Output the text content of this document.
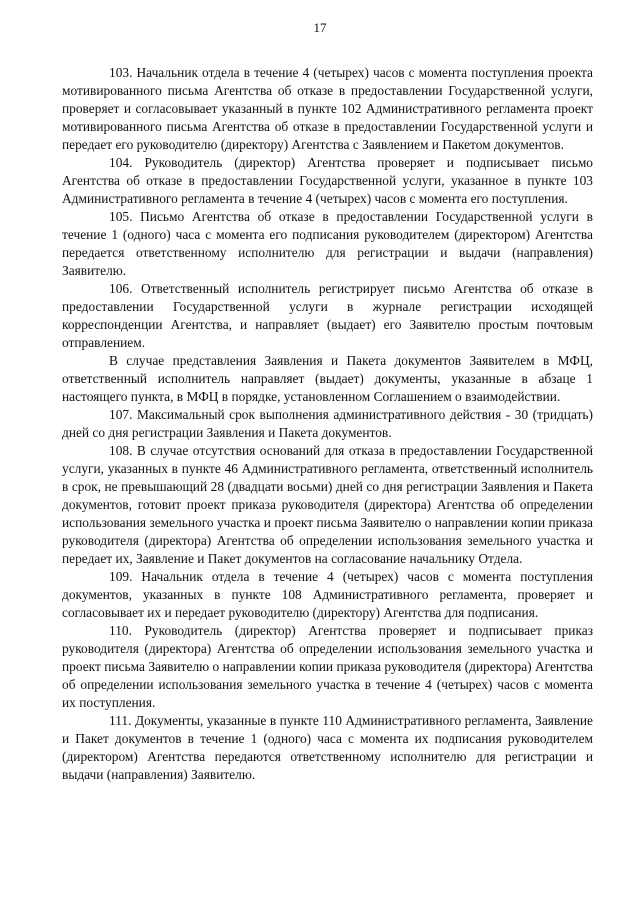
17

103. Начальник отдела в течение 4 (четырех) часов с момента поступления проекта мотивированного письма Агентства об отказе в предоставлении Государственной услуги, проверяет и согласовывает указанный в пункте 102 Административного регламента проект мотивированного письма Агентства об отказе в предоставлении Государственной услуги и передает его руководителю (директору) Агентства с Заявлением и Пакетом документов.

104. Руководитель (директор) Агентства проверяет и подписывает письмо Агентства об отказе в предоставлении Государственной услуги, указанное в пункте 103 Административного регламента в течение 4 (четырех) часов с момента его поступления.

105. Письмо Агентства об отказе в предоставлении Государственной услуги в течение 1 (одного) часа с момента его подписания руководителем (директором) Агентства передается ответственному исполнителю для регистрации и выдачи (направления) Заявителю.

106. Ответственный исполнитель регистрирует письмо Агентства об отказе в предоставлении Государственной услуги в журнале регистрации исходящей корреспонденции Агентства, и направляет (выдает) его Заявителю простым почтовым отправлением.

В случае представления Заявления и Пакета документов Заявителем в МФЦ, ответственный исполнитель направляет (выдает) документы, указанные в абзаце 1 настоящего пункта, в МФЦ в порядке, установленном Соглашением о взаимодействии.

107. Максимальный срок выполнения административного действия - 30 (тридцать) дней со дня регистрации Заявления и Пакета документов.

108. В случае отсутствия оснований для отказа в предоставлении Государственной услуги, указанных в пункте 46 Административного регламента, ответственный исполнитель в срок, не превышающий 28 (двадцати восьми) дней со дня регистрации Заявления и Пакета документов, готовит проект приказа руководителя (директора) Агентства об определении использования земельного участка и проект письма Заявителю о направлении копии приказа руководителя (директора) Агентства об определении использования земельного участка и передает их, Заявление и Пакет документов на согласование начальнику Отдела.

109. Начальник отдела в течение 4 (четырех) часов с момента поступления документов, указанных в пункте 108 Административного регламента, проверяет и согласовывает их и передает руководителю (директору) Агентства для подписания.

110. Руководитель (директор) Агентства проверяет и подписывает приказ руководителя (директора) Агентства об определении использования земельного участка и проект письма Заявителю о направлении копии приказа руководителя (директора) Агентства об определении использования земельного участка в течение 4 (четырех) часов с момента их поступления.

111. Документы, указанные в пункте 110 Административного регламента, Заявление и Пакет документов в течение 1 (одного) часа с момента их подписания руководителем (директором) Агентства передаются ответственному исполнителю для регистрации и выдачи (направления) Заявителю.
